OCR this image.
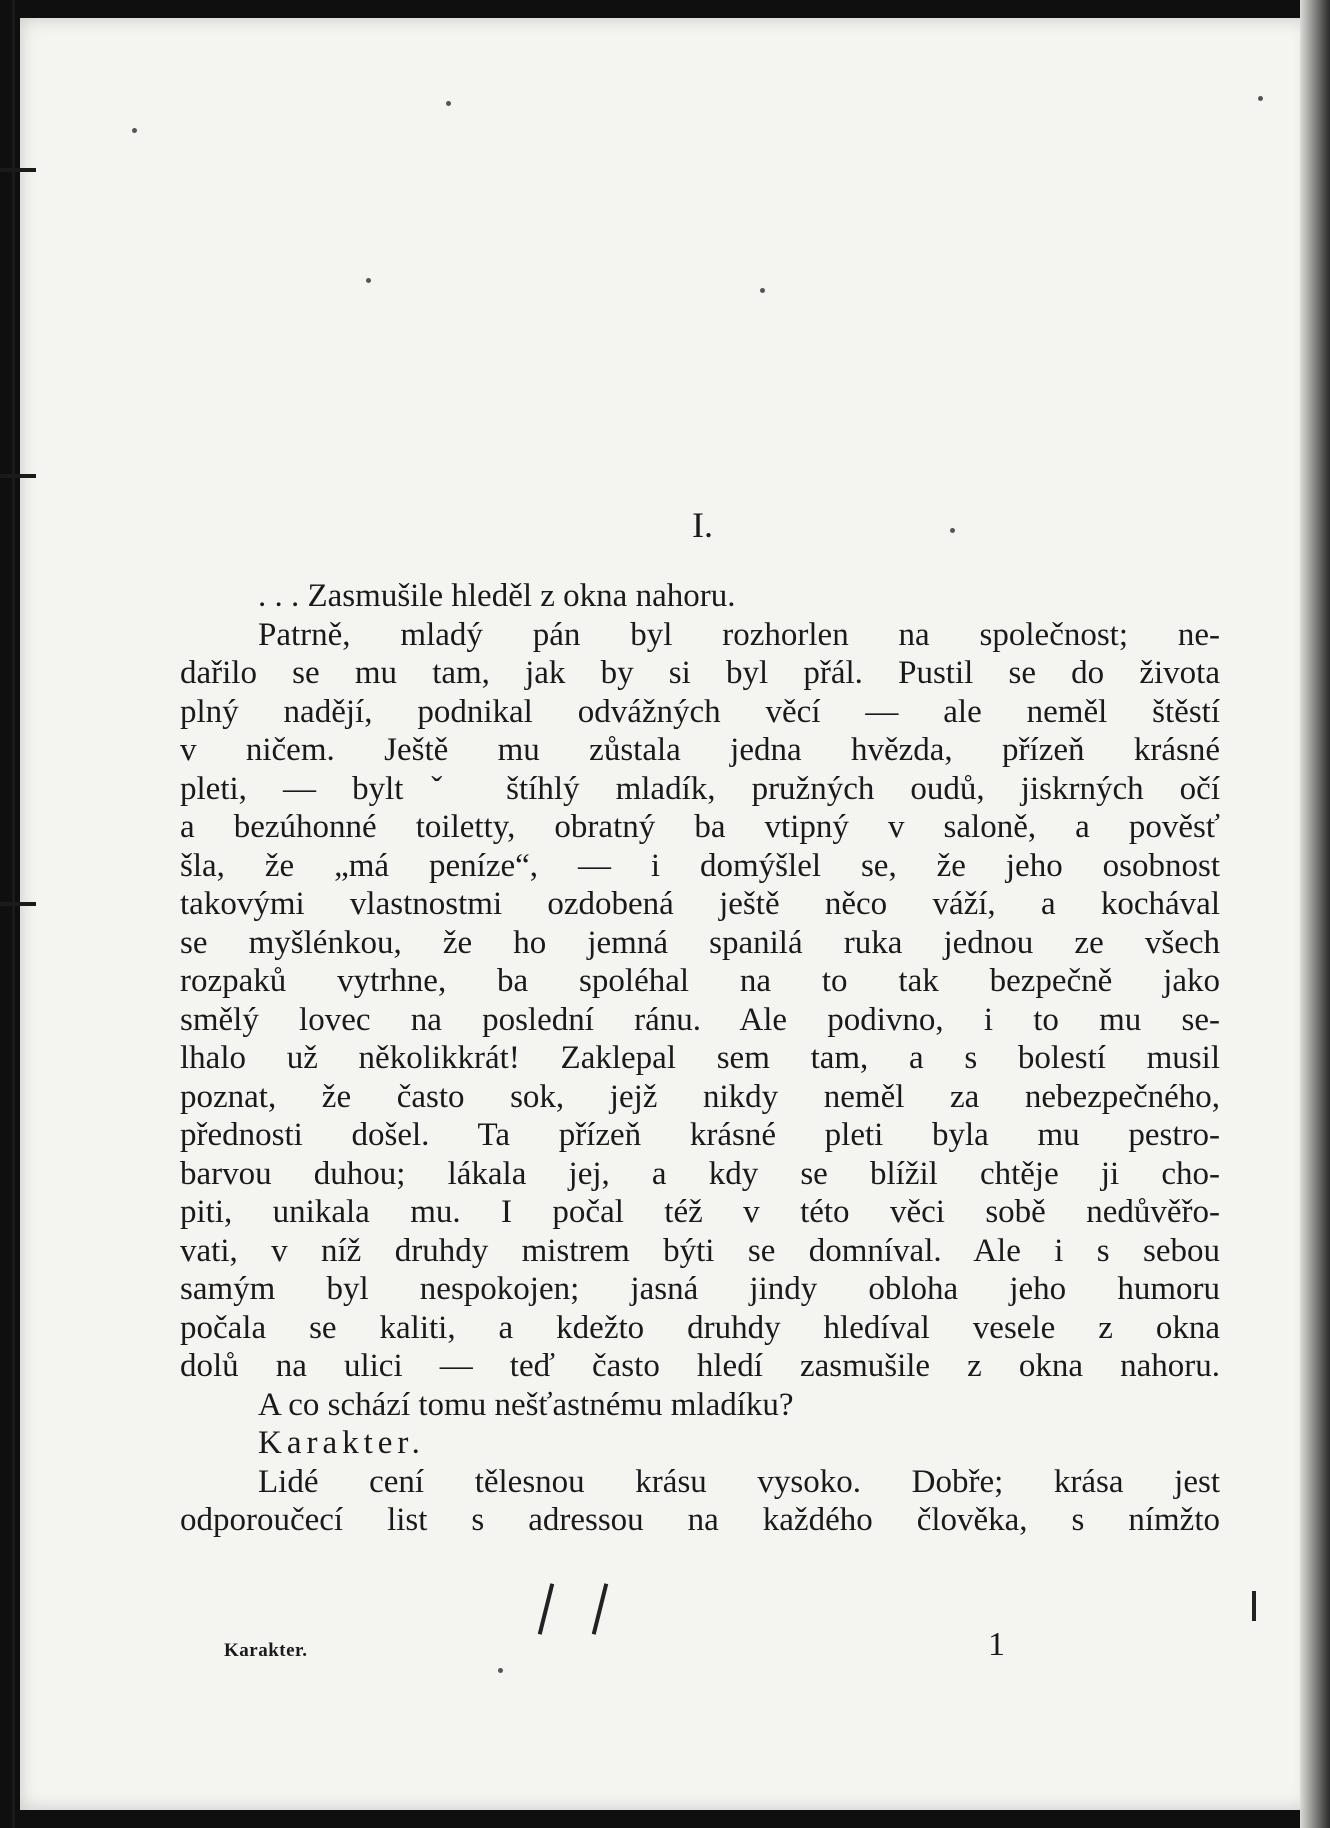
I.
. . . Zasmušile hleděl z okna nahoru.
Patrně, mladý pán byl rozhorlen na společnost; ne-
dařilo se mu tam, jak by si byl přál. Pustil se do života
plný nadějí, podnikal odvážných věcí — ale neměl štěstí
v ničem. Ještě mu zůstala jedna hvězda, přízeň krásné
pleti, — byltˇ štíhlý mladík, pružných oudů, jiskrných očí
a bezúhonné toiletty, obratný ba vtipný v saloně, a pověsť
šla, že „má peníze“, — i domýšlel se, že jeho osobnost
takovými vlastnostmi ozdobená ještě něco váží, a kochával
se myšlénkou, že ho jemná spanilá ruka jednou ze všech
rozpaků vytrhne, ba spoléhal na to tak bezpečně jako
smělý lovec na poslední ránu. Ale podivno, i to mu se-
lhalo už několikkrát! Zaklepal sem tam, a s bolestí musil
poznat, že často sok, jejž nikdy neměl za nebezpečného,
přednosti došel. Ta přízeň krásné pleti byla mu pestro-
barvou duhou; lákala jej, a kdy se blížil chtěje ji cho-
piti, unikala mu. I počal též v této věci sobě nedůvěřo-
vati, v níž druhdy mistrem býti se domníval. Ale i s sebou
samým byl nespokojen; jasná jindy obloha jeho humoru
počala se kaliti, a kdežto druhdy hledíval vesele z okna
dolů na ulici — teď často hledí zasmušile z okna nahoru.
A co schází tomu nešťastnému mladíku?
Karakter.
Lidé cení tělesnou krásu vysoko. Dobře; krása jest
odporoučecí list s adressou na každého člověka, s nímžto
Karakter.	1
